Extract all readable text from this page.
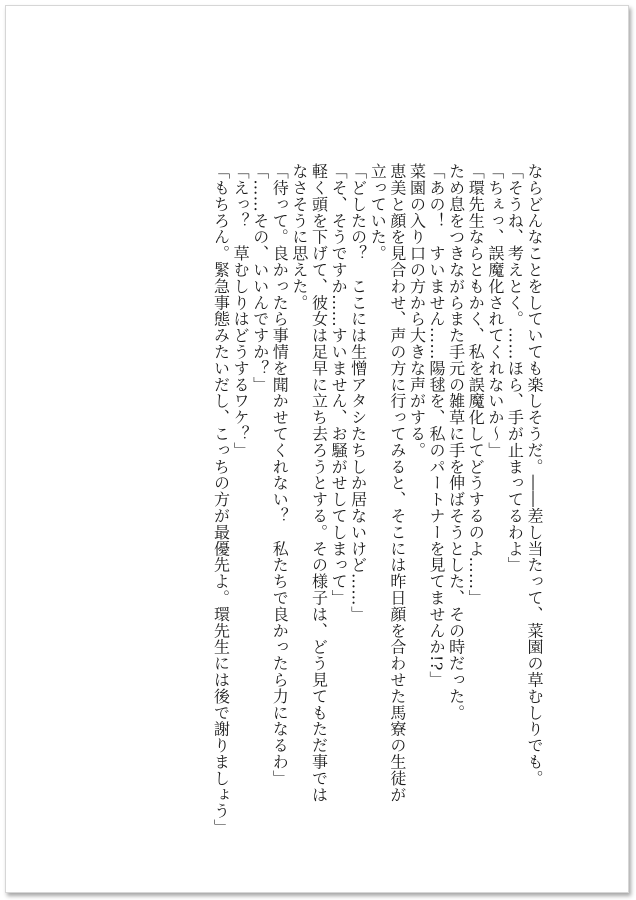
ならどんなことをしていても楽しそうだ。――差し当たって、菜園の草むしりでも。
「そうね、考えとく。……ほら、手が止まってるわよ」
「ちぇっ、誤魔化されてくれないか～」
「環先生ならともかく、私を誤魔化してどうするのよ……」
ため息をつきながらまた手元の雑草に手を伸ばそうとした、その時だった。
「あの！　すいません……陽毬を、私のパートナーを見てませんか!?」
菜園の入り口の方から大きな声がする。
恵美と顔を見合わせ、声の方に行ってみると、そこには昨日顔を合わせた馬寮の生徒が
立っていた。
「どしたの？　ここには生憎アタシたちしか居ないけど……」
「そ、そうですか……すいません、お騒がせしてしまって」
軽く頭を下げて、彼女は足早に立ち去ろうとする。その様子は、どう見てもただ事では
なさそうに思えた。
「待って。良かったら事情を聞かせてくれない？　私たちで良かったら力になるわ」
「……その、いいんですか？」
「えっ？　草むしりはどうするワケ？」
「もちろん。緊急事態みたいだし、こっちの方が最優先よ。環先生には後で謝りましょう」
